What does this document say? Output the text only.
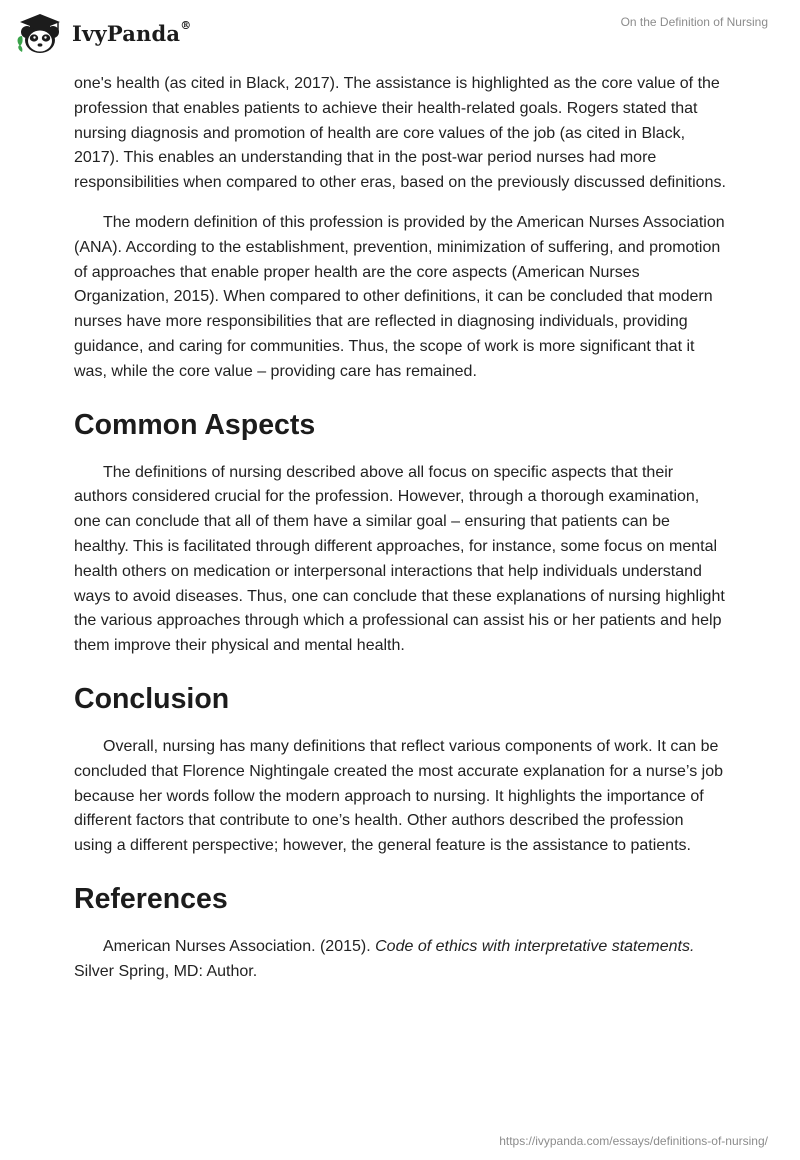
IvyPanda®	On the Definition of Nursing

one's health (as cited in Black, 2017). The assistance is highlighted as the core value of the profession that enables patients to achieve their health-related goals. Rogers stated that nursing diagnosis and promotion of health are core values of the job (as cited in Black, 2017). This enables an understanding that in the post-war period nurses had more responsibilities when compared to other eras, based on the previously discussed definitions.

The modern definition of this profession is provided by the American Nurses Association (ANA). According to the establishment, prevention, minimization of suffering, and promotion of approaches that enable proper health are the core aspects (American Nurses Organization, 2015). When compared to other definitions, it can be concluded that modern nurses have more responsibilities that are reflected in diagnosing individuals, providing guidance, and caring for communities. Thus, the scope of work is more significant that it was, while the core value – providing care has remained.

Common Aspects

The definitions of nursing described above all focus on specific aspects that their authors considered crucial for the profession. However, through a thorough examination, one can conclude that all of them have a similar goal – ensuring that patients can be healthy. This is facilitated through different approaches, for instance, some focus on mental health others on medication or interpersonal interactions that help individuals understand ways to avoid diseases. Thus, one can conclude that these explanations of nursing highlight the various approaches through which a professional can assist his or her patients and help them improve their physical and mental health.

Conclusion

Overall, nursing has many definitions that reflect various components of work. It can be concluded that Florence Nightingale created the most accurate explanation for a nurse’s job because her words follow the modern approach to nursing. It highlights the importance of different factors that contribute to one’s health. Other authors described the profession using a different perspective; however, the general feature is the assistance to patients.

References

American Nurses Association. (2015). Code of ethics with interpretative statements. Silver Spring, MD: Author.

https://ivypanda.com/essays/definitions-of-nursing/
